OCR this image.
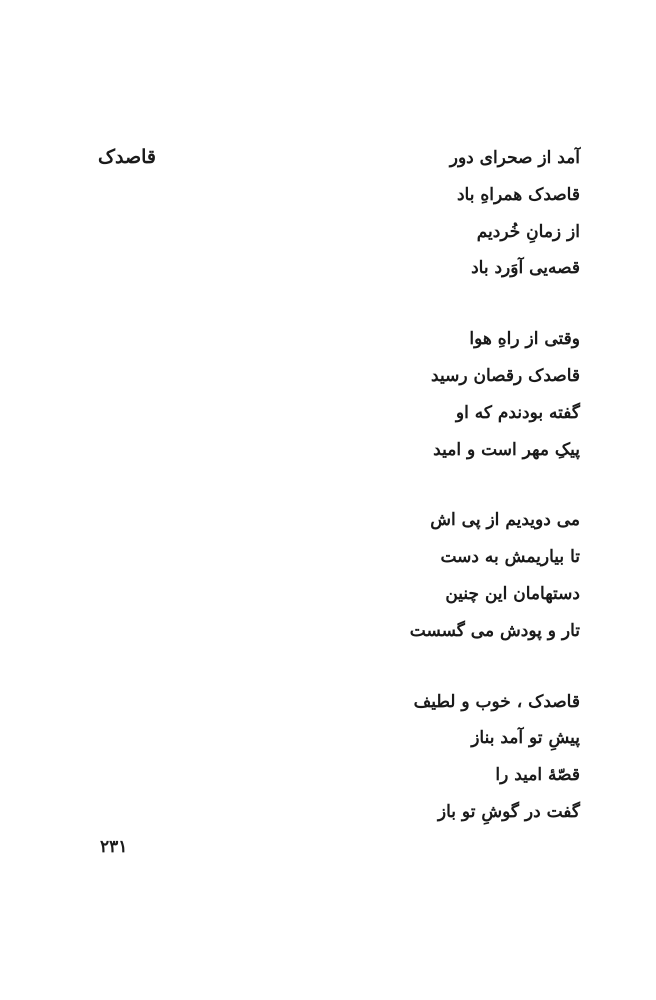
قاصدک	آمد از صحرای دور
قاصدک همراهِ باد
از زمانِ خُردیم
قصه‌یی آوَرد باد
وقتی از راهِ هوا
قاصدک رقصان رسید
گفته بودندم که او
پیکِ مهر است و امید
می دویدیم از پی اش
تا بیاریمش به دست
دستهامان این چنین
تار و پودش می گسست
قاصدک ، خوب و لطیف
پیشِ تو آمد بناز
قصّهٔ امید را
گفت در گوشِ تو باز
۲۳۱
